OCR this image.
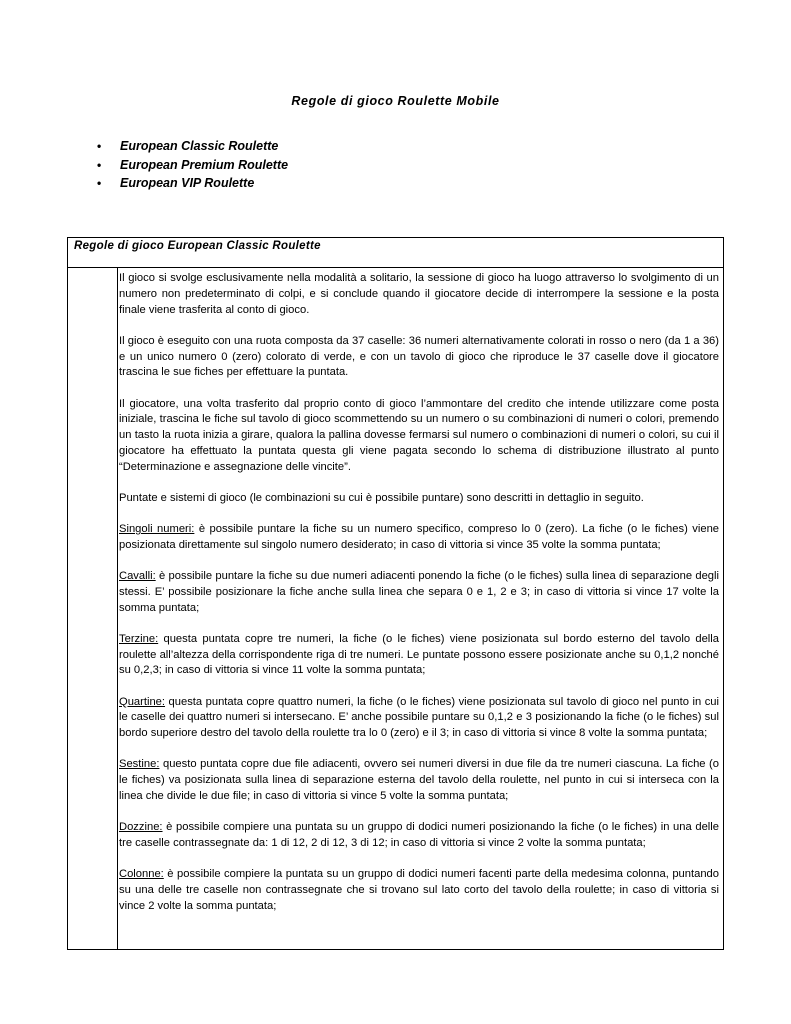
Regole di gioco Roulette Mobile
• European Classic Roulette
• European Premium Roulette
• European VIP Roulette
Regole di gioco European Classic Roulette

Il gioco si svolge esclusivamente nella modalità a solitario, la sessione di gioco ha luogo attraverso lo svolgimento di un numero non predeterminato di colpi, e si conclude quando il giocatore decide di interrompere la sessione e la posta finale viene trasferita al conto di gioco.

Il gioco è eseguito con una ruota composta da 37 caselle: 36 numeri alternativamente colorati in rosso o nero (da 1 a 36) e un unico numero 0 (zero) colorato di verde, e con un tavolo di gioco che riproduce le 37 caselle dove il giocatore trascina le sue fiches per effettuare la puntata.

Il giocatore, una volta trasferito dal proprio conto di gioco l’ammontare del credito che intende utilizzare come posta iniziale, trascina le fiche sul tavolo di gioco scommettendo su un numero o su combinazioni di numeri o colori, premendo un tasto la ruota inizia a girare, qualora la pallina dovesse fermarsi sul numero o combinazioni di numeri o colori, su cui il giocatore ha effettuato la puntata questa gli viene pagata secondo lo schema di distribuzione illustrato al punto “Determinazione e assegnazione delle vincite”.

Puntate e sistemi di gioco (le combinazioni su cui è possibile puntare) sono descritti in dettaglio in seguito.

Singoli numeri: è possibile puntare la fiche su un numero specifico, compreso lo 0 (zero). La fiche (o le fiches) viene posizionata direttamente sul singolo numero desiderato; in caso di vittoria si vince 35 volte la somma puntata;

Cavalli: è possibile puntare la fiche su due numeri adiacenti ponendo la fiche (o le fiches) sulla linea di separazione degli stessi. E’ possibile posizionare la fiche anche sulla linea che separa 0 e 1, 2 e 3; in caso di vittoria si vince 17 volte la somma puntata;

Terzine: questa puntata copre tre numeri, la fiche (o le fiches) viene posizionata sul bordo esterno del tavolo della roulette all’altezza della corrispondente riga di tre numeri. Le puntate possono essere posizionate anche su 0,1,2 nonché su 0,2,3; in caso di vittoria si vince 11 volte la somma puntata;

Quartine: questa puntata copre quattro numeri, la fiche (o le fiches) viene posizionata sul tavolo di gioco nel punto in cui le caselle dei quattro numeri si intersecano. E’ anche possibile puntare su 0,1,2 e 3 posizionando la fiche (o le fiches) sul bordo superiore destro del tavolo della roulette tra lo 0 (zero) e il 3; in caso di vittoria si vince 8 volte la somma puntata;

Sestine: questo puntata copre due file adiacenti, ovvero sei numeri diversi in due file da tre numeri ciascuna. La fiche (o le fiches) va posizionata sulla linea di separazione esterna del tavolo della roulette, nel punto in cui si interseca con la linea che divide le due file; in caso di vittoria si vince 5 volte la somma puntata;

Dozzine: è possibile compiere una puntata su un gruppo di dodici numeri posizionando la fiche (o le fiches) in una delle tre caselle contrassegnate da: 1 di 12, 2 di 12, 3 di 12; in caso di vittoria si vince 2 volte la somma puntata;

Colonne: è possibile compiere la puntata su un gruppo di dodici numeri facenti parte della medesima colonna, puntando su una delle tre caselle non contrassegnate che si trovano sul lato corto del tavolo della roulette; in caso di vittoria si vince 2 volte la somma puntata;
